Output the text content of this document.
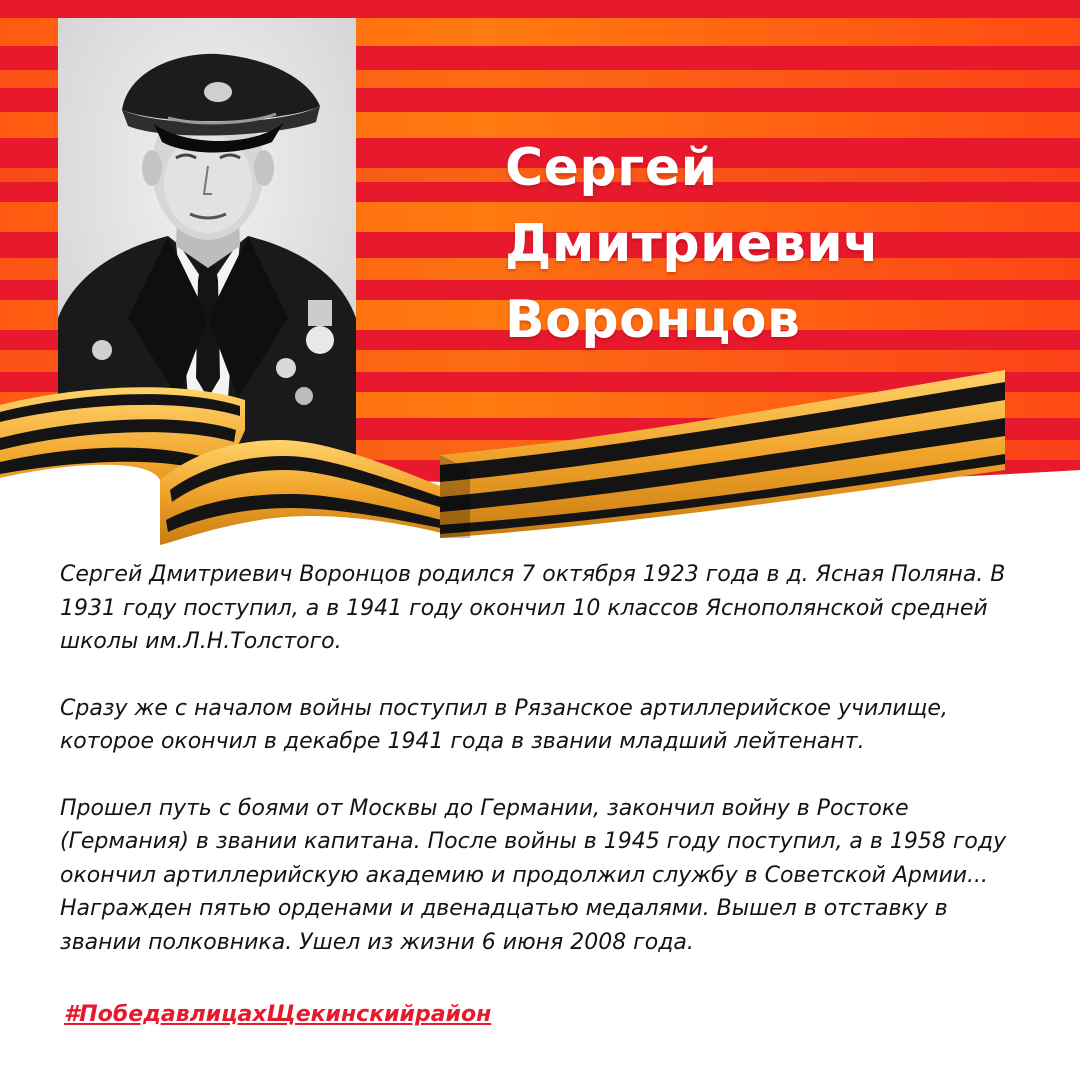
Сергей
Дмитриевич
Воронцов

Сергей Дмитриевич Воронцов родился 7 октября 1923 года в д. Ясная Поляна. В 1931 году поступил, а в 1941 году окончил 10 классов Яснополянской средней школы им.Л.Н.Толстого.

Сразу же с началом войны поступил в Рязанское артиллерийское училище, которое окончил в декабре 1941 года в звании младший лейтенант.

Прошел путь с боями от Москвы до Германии, закончил войну в Ростоке (Германия) в звании капитана. После войны в 1945 году поступил, а в 1958 году окончил артиллерийскую академию и продолжил службу в Советской Армии... Награжден пятью орденами и двенадцатью медалями. Вышел в отставку в звании полковника. Ушел из жизни 6 июня 2008 года.

#ПобедавлицахЩекинскийрайон
